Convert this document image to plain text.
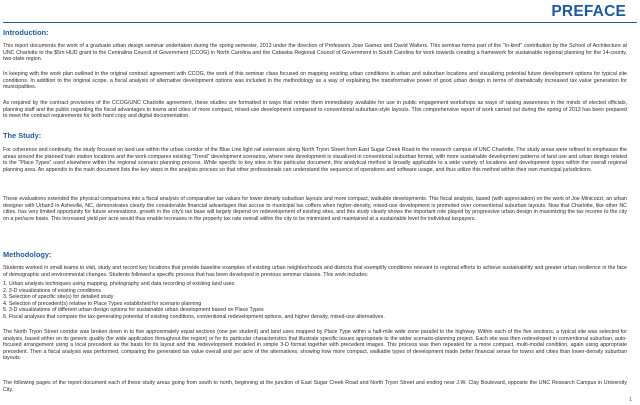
PREFACE
Introduction:

This report documents the work of a graduate urban design seminar undertaken during the spring semester, 2013 under the direction of Professors Jose Gamez and David Walters. This seminar forms part of the "in-kind" contribution by the School of Architecture at UNC Charlotte to the $5m HUD grant to the Centralina Council of Government (CCOG) in North Carolina and the Catawba Regional Council of Government in South Carolina for work towards creating a framework for sustainable regional planning for the 14-county, two-state region.

In keeping with the work plan outlined in the original contract agreement with CCOG, the work of this seminar class focused on mapping existing urban conditions in urban and suburban locations and visualizing potential future development options for typical site conditions. In addition to the original scope, a fiscal analysis of alternative development options was included in the methodology as a way of explaining the transformative power of good urban design in terms of dramatically increased tax value generation for municipalities.

As required by the contract provisions of the CCOG/UNC Charlotte agreement, these studies are formatted in ways that render them immediately available for use in public engagement workshops as ways of raising awareness in the minds of elected officials, planning staff and the public regarding the fiscal advantages to towns and cities of more compact, mixed-use development compared to conventional suburban-style layouts. This comprehensive report of work carried out during the spring of 2013 has been prepared to meet the contract requirements for both hard copy and digital documentation.

The Study:

For coherence and continuity, the study focused on land use within the urban corridor of the Blue Line light rail extension along North Tryon Street from East Sugar Creek Road to the research campus of UNC Charlotte. The study areas were refined to emphasize the areas around the planned train station locations and the work compares existing "Trend" development scenarios, where new development is visualized in conventional suburban format, with more sustainable development patterns of land use and urban design related to the "Place Types" used elsewhere within the regional scenario planning process. While specific to key sites in this particular document, this analytical method is broadly applicable to a wide variety of locations and development types within the overall regional planning area. An appendix to the main document lists the key steps in the analysis process so that other professionals can understand the sequence of operations and software usage, and thus utilize this method within their own municipal jurisdictions.

These evaluations extended the physical comparisons into a fiscal analysis of comparative tax values for lower density suburban layouts and more compact, walkable developments. This fiscal analysis, based (with appreciation) on the work of Joe Minicozzi, an urban designer with Urban3 in Asheville, NC, demonstrates clearly the considerable financial advantages that accrue to municipal tax coffers when higher-density, mixed-use development is promoted over conventional suburban layouts. Now that Charlotte, like other NC cities, has very limited opportunity for future annexations, growth in the city's tax base will largely depend on redevelopment of existing sites, and this study clearly shows the important role played by progressive urban design in maximizing the tax income to the city on a per/acre basis. This increased yield per acre would thus enable increases in the property tax rate overall within the city to be minimized and maintained at a sustainable level for individual taxpayers.

Methodology:

Students worked in small teams to visit, study and record key locations that provide baseline examples of existing urban neighborhoods and districts that exemplify conditions relevant to regional efforts to achieve sustainability and greater urban resilience in the face of demographic and environmental changes. Students followed a specific process that has been developed in previous seminar classes. This work includes:

1. Urban analysis techniques using mapping, photography and data recording of existing land uses
2. 3-D visualizations of existing conditions
3. Selection of specific site(s) for detailed study
4. Selection of precedent(s) relative to Place Types established for scenario planning
5. 3-D visualizations of different urban design options for sustainable urban development based on Place Types
6. Fiscal analyses that compare the tax-generating potential of existing conditions, conventional redevelopment options, and higher density, mixed-use alternatives.

The North Tryon Street corridor was broken down in to five approximately equal sections (one per student) and land uses mapped by Place Type within a half-mile wide zone parallel to the highway. Within each of the five sections, a typical site was selected for analysis, based either on its generic quality (for wide application throughout the region) or for its particular characteristics that illustrate specific issues appropriate to the wider scenario-planning project. Each site was then redeveloped in conventional suburban, auto-focused arrangement using a local precedent as the basis for its layout and this redevelopment modeled in simple 3-D format together with precedent images. This process was then repeated for a more compact, multi-modal condition, again using appropriate precedent. Then a fiscal analysis was performed, comparing the generated tax value overall and per acre of the alternatives, showing how more compact, walkable types of development made better financial sense for towns and cities than lower-density suburban layouts.

The following pages of the report document each of these study areas going from south to north, beginning at the junction of East Sugar Creek Road and North Tryon Street and ending near J.W. Clay Boulevard, opposite the UNC Research Campus in University City.

1
